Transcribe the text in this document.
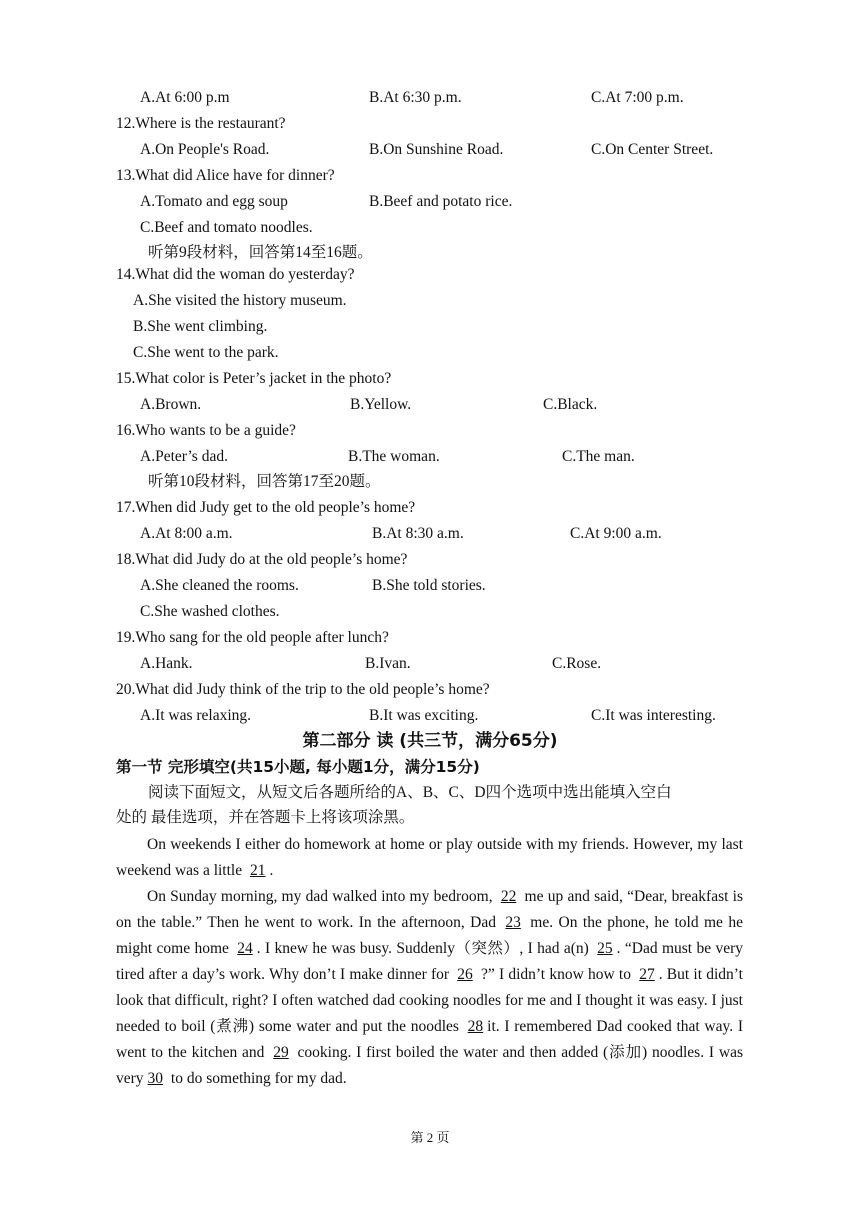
A.At 6:00 p.m	B.At 6:30 p.m.	C.At 7:00 p.m.
12.Where is the restaurant?
A.On People's Road.	B.On Sunshine Road.	C.On Center Street.
13.What did Alice have for dinner?
A.Tomato and egg soup	B.Beef and potato rice.
C.Beef and tomato noodles.
听第9段材料，回答第14至16题。
14.What did the woman do yesterday?
A.She visited the history museum.
B.She went climbing.
C.She went to the park.
15.What color is Peter’s jacket in the photo?
A.Brown.	B.Yellow.	C.Black.
16.Who wants to be a guide?
A.Peter’s dad.	B.The woman.	C.The man.
听第10段材料，回答第17至20题。
17.When did Judy get to the old people’s home?
A.At 8:00 a.m.	B.At 8:30 a.m.	C.At 9:00 a.m.
18.What did Judy do at the old people’s home?
A.She cleaned the rooms.	B.She told stories.
C.She washed clothes.
19.Who sang for the old people after lunch?
A.Hank.	B.Ivan.	C.Rose.
20.What did Judy think of the trip to the old people’s home?
A.It was relaxing.	B.It was exciting.	C.It was interesting.
第二部分 读 (共三节，满分65分)
第一节 完形填空(共15小题, 每小题1分，满分15分)
阅读下面短文，从短文后各题所给的A、B、C、D四个选项中选出能填入空白
处的 最佳选项，并在答题卡上将该项涂黑。

On weekends I either do homework at home or play outside with my friends. However, my last weekend was a little 21 .

On Sunday morning, my dad walked into my bedroom, 22 me up and said, “Dear, breakfast is on the table.” Then he went to work. In the afternoon, Dad 23 me. On the phone, he told me he might come home 24 . I knew he was busy. Suddenly（突然）, I had a(n) 25 . “Dad must be very tired after a day’s work. Why don’t I make dinner for 26 ?” I didn’t know how to 27 . But it didn’t look that difficult, right? I often watched dad cooking noodles for me and I thought it was easy. I just needed to boil (煮沸) some water and put the noodles 28 it. I remembered Dad cooked that way. I went to the kitchen and 29 cooking. I first boiled the water and then added (添加) noodles. I was very 30 to do something for my dad.

第 2 页
